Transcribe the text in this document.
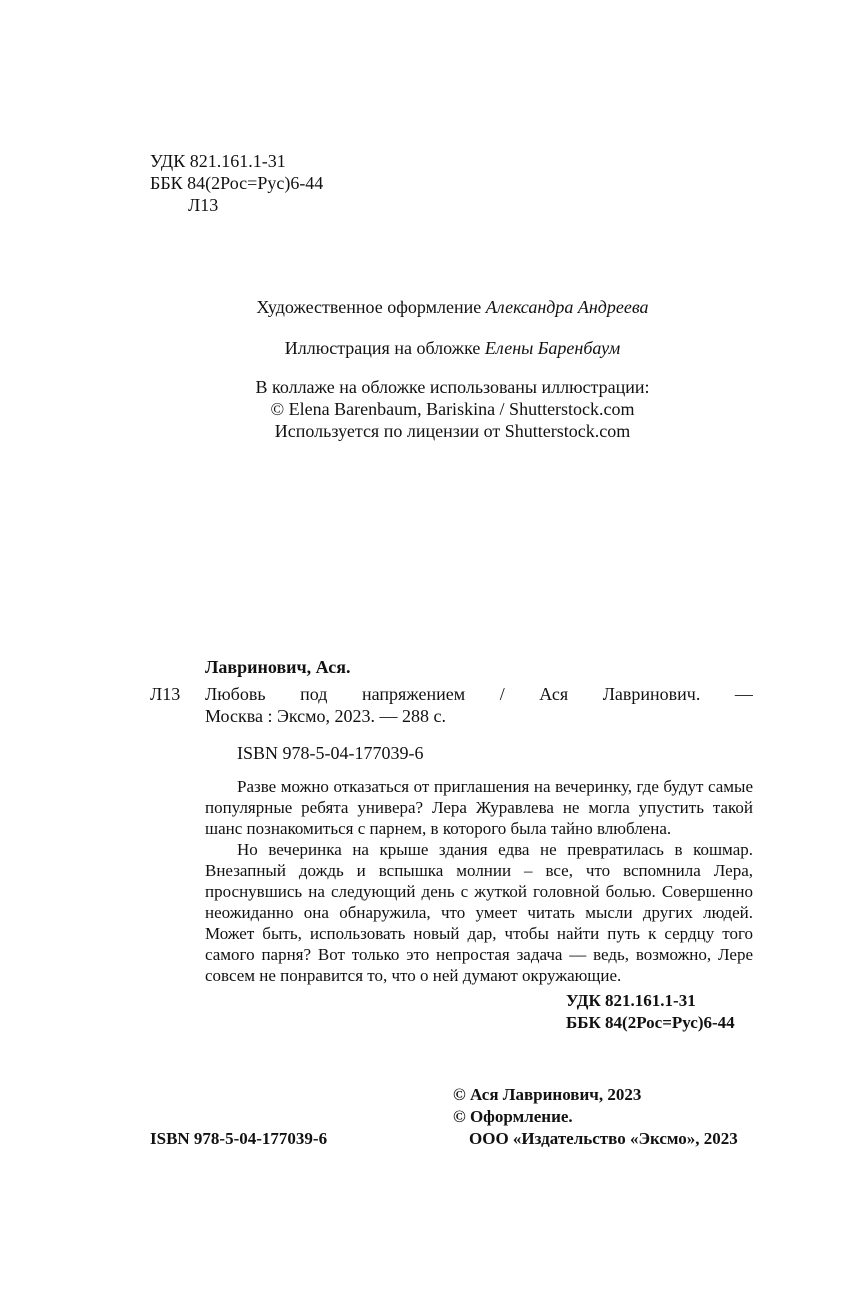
УДК 821.161.1-31
ББК 84(2Рос=Рус)6-44
Л13

Художественное оформление Александра Андреева

Иллюстрация на обложке Елены Баренбаум

В коллаже на обложке использованы иллюстрации:

© Elena Barenbaum, Bariskina / Shutterstock.com

Используется по лицензии от Shutterstock.com

Лавринович, Ася.
Л13 Любовь под напряжением / Ася Лавринович. —
Москва : Эксмо, 2023. — 288 с.
ISBN 978-5-04-177039-6

Разве можно отказаться от приглашения на вечеринку, где будут самые популярные ребята универа? Лера Журавлева не могла упустить такой шанс познакомиться с парнем, в которого была тайно влюблена.

Но вечеринка на крыше здания едва не превратилась в кошмар. Внезапный дождь и вспышка молнии – все, что вспомнила Лера, проснувшись на следующий день с жуткой головной болью. Совершенно неожиданно она обнаружила, что умеет читать мысли других людей. Может быть, использовать новый дар, чтобы найти путь к сердцу того самого парня? Вот только это непростая задача — ведь, возможно, Лере совсем не понравится то, что о ней думают окружающие.

УДК 821.161.1-31
ББК 84(2Рос=Рус)6-44
© Ася Лавринович, 2023
© Оформление.
ООО «Издательство «Эксмо», 2023
ISBN 978-5-04-177039-6
